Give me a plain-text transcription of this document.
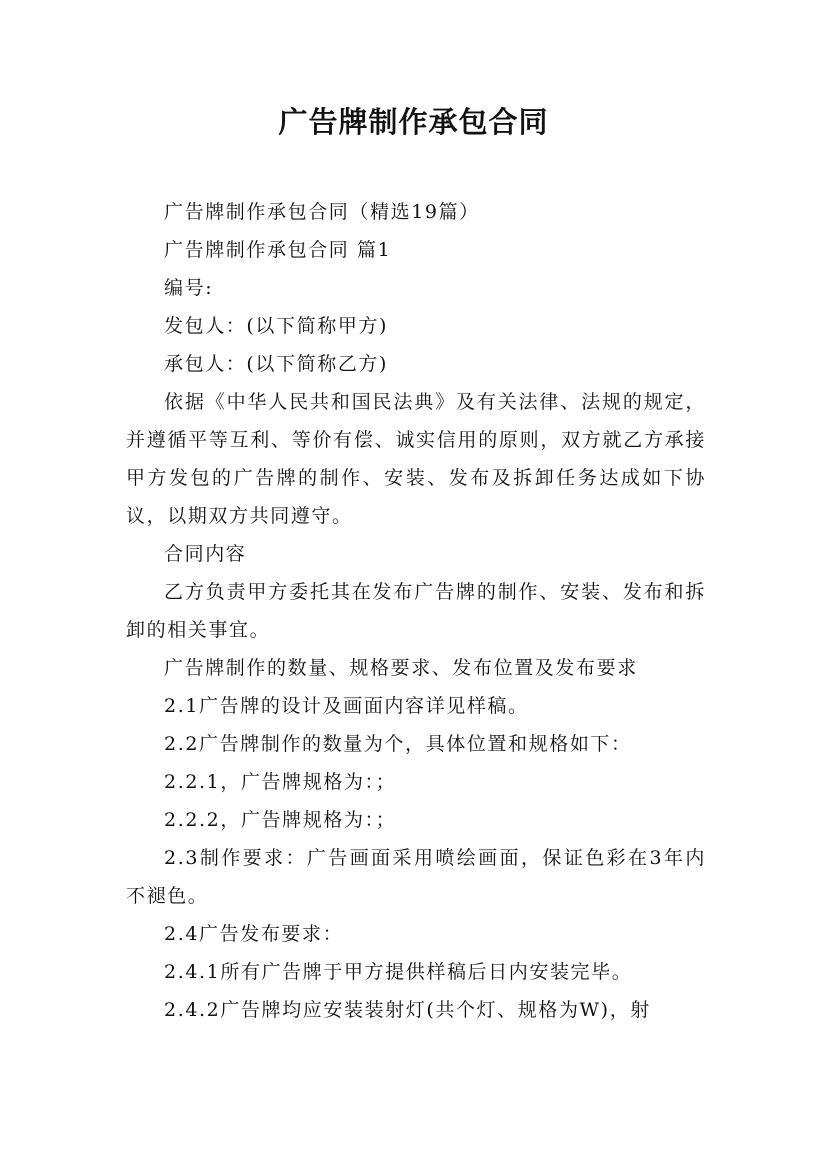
广告牌制作承包合同

广告牌制作承包合同（精选19篇）

广告牌制作承包合同 篇1

编号:

发包人：(以下简称甲方)

承包人：(以下简称乙方)

依据《中华人民共和国民法典》及有关法律、法规的规定，并遵循平等互利、等价有偿、诚实信用的原则，双方就乙方承接甲方发包的广告牌的制作、安装、发布及拆卸任务达成如下协议，以期双方共同遵守。

合同内容

乙方负责甲方委托其在发布广告牌的制作、安装、发布和拆卸的相关事宜。

广告牌制作的数量、规格要求、发布位置及发布要求

2.1广告牌的设计及画面内容详见样稿。

2.2广告牌制作的数量为个，具体位置和规格如下：

2.2.1，广告牌规格为：；

2.2.2，广告牌规格为：；

2.3制作要求：广告画面采用喷绘画面，保证色彩在3年内不褪色。

2.4广告发布要求：

2.4.1所有广告牌于甲方提供样稿后日内安装完毕。

2.4.2广告牌均应安装装射灯(共个灯、规格为W)，射
